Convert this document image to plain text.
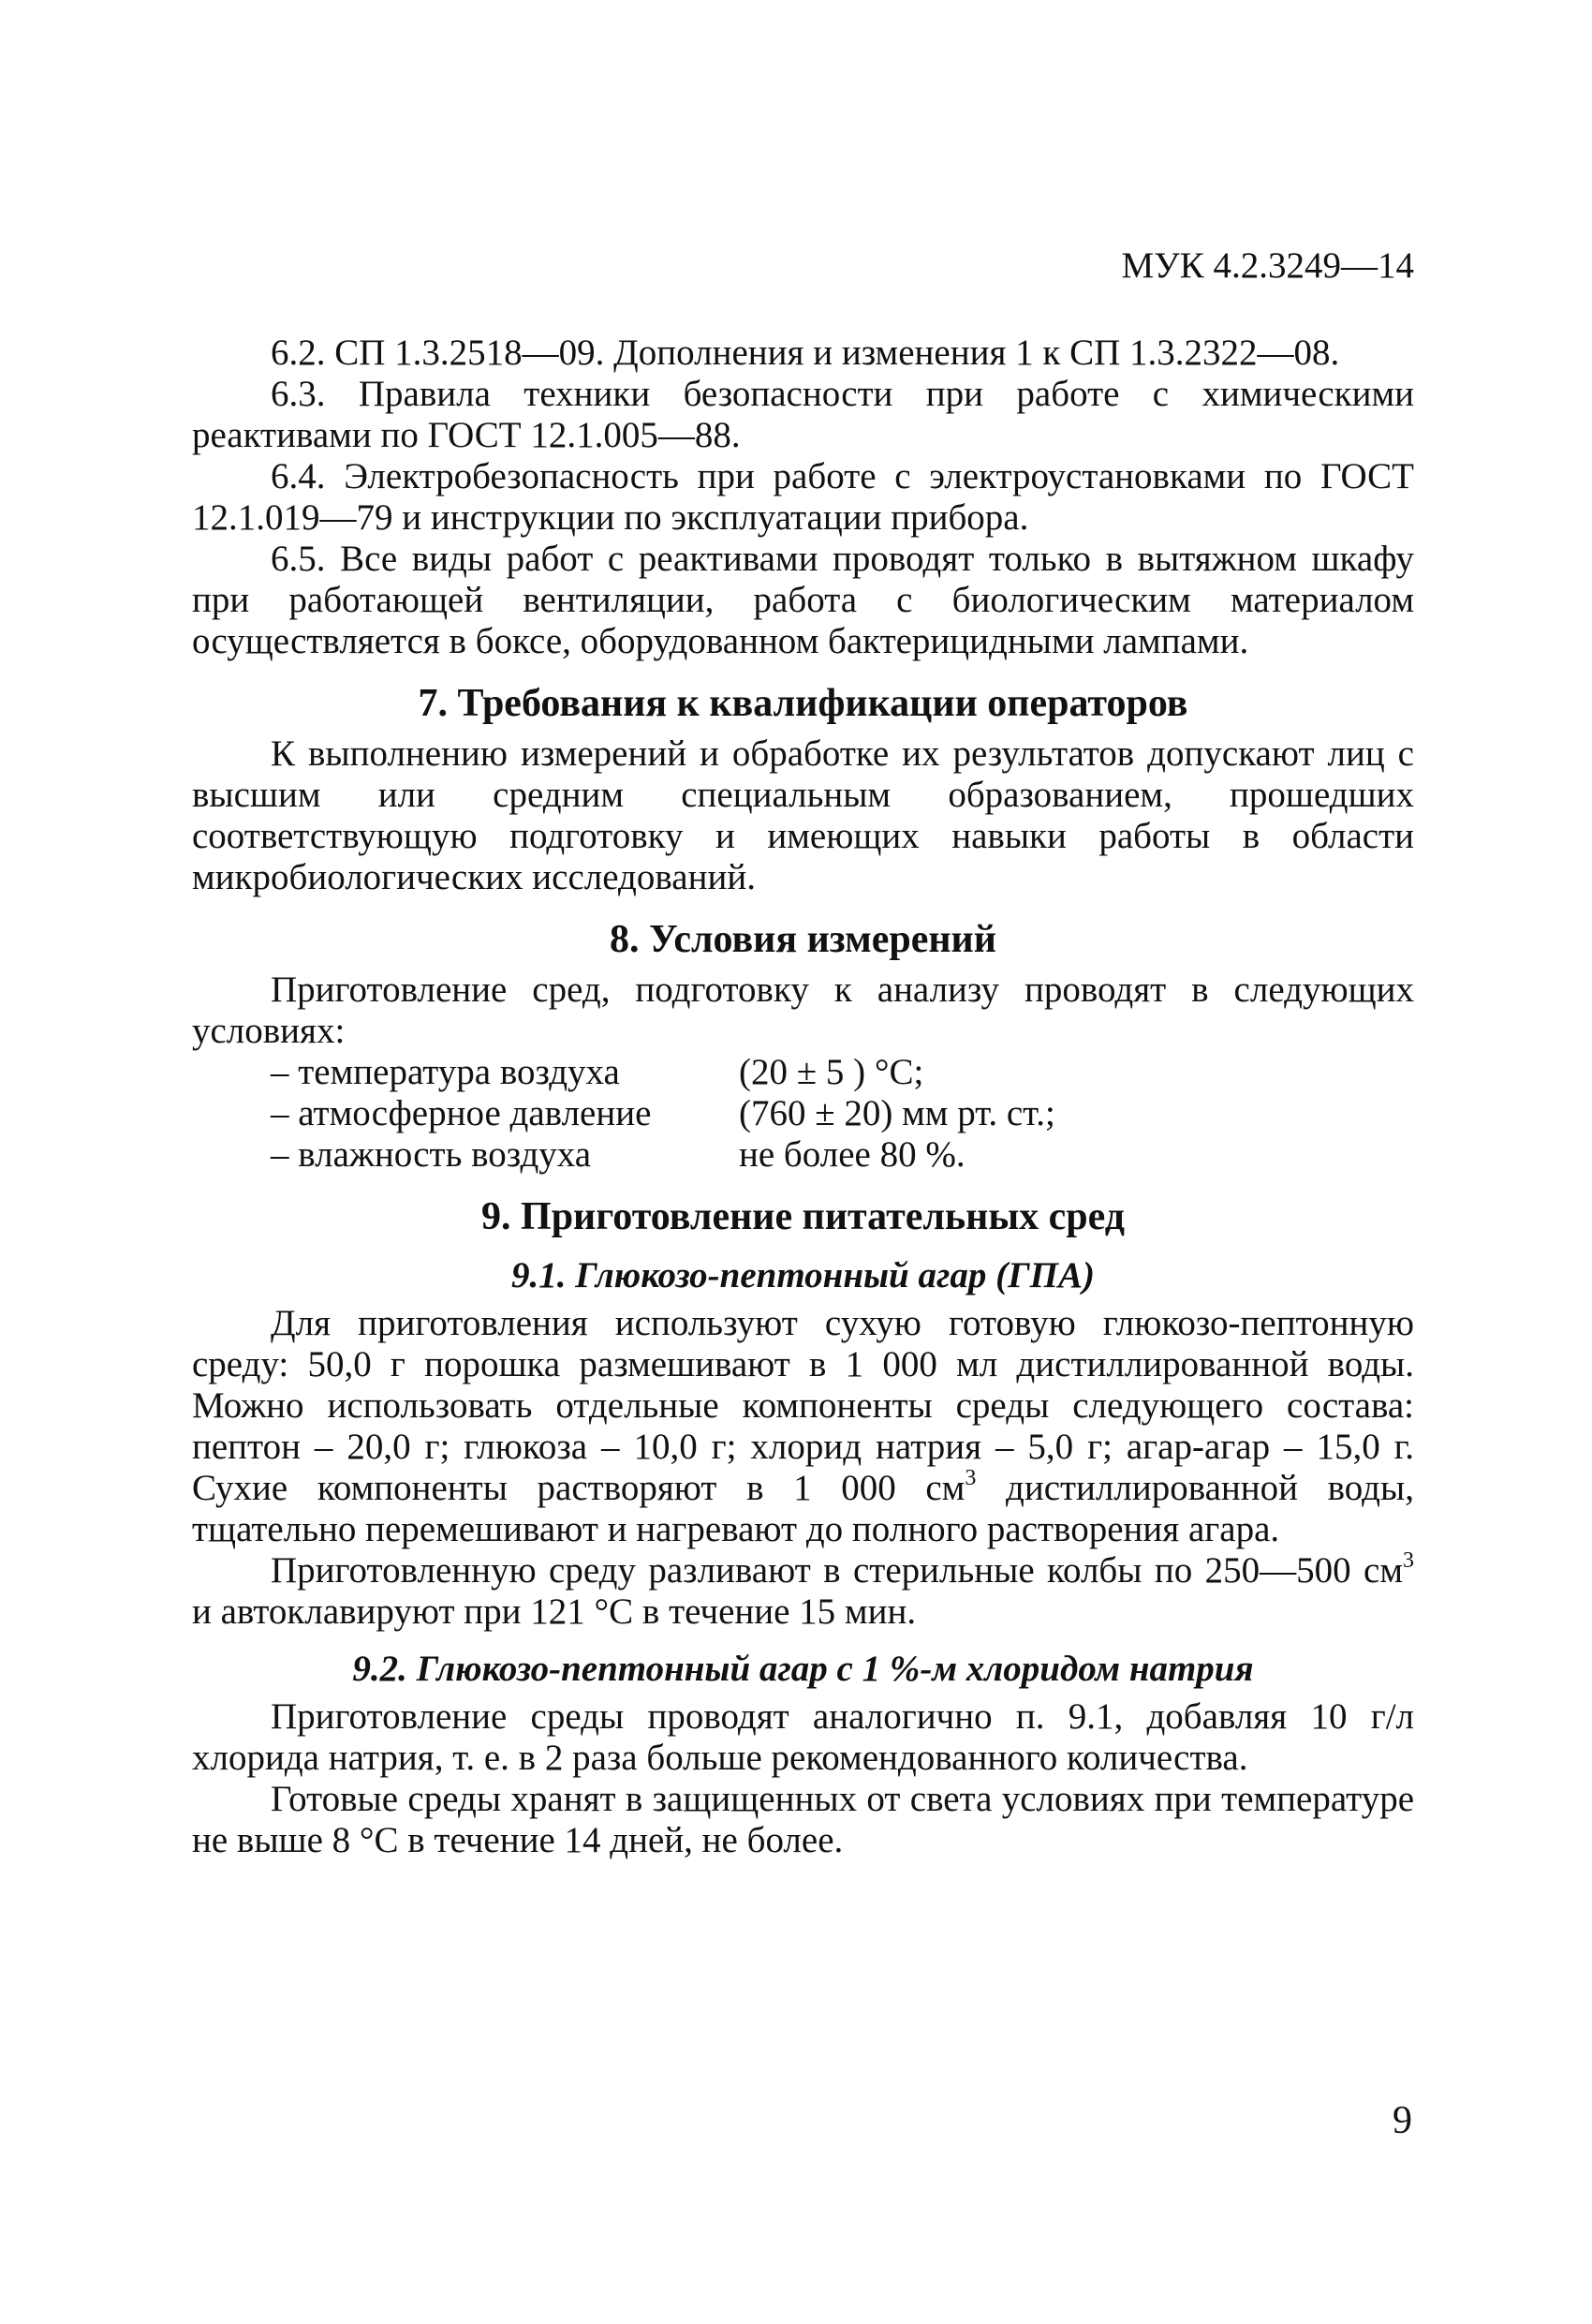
МУК 4.2.3249—14

6.2. СП 1.3.2518—09. Дополнения и изменения 1 к СП 1.3.2322—08.

6.3. Правила техники безопасности при работе с химическими реактивами по ГОСТ 12.1.005—88.

6.4. Электробезопасность при работе с электроустановками по ГОСТ 12.1.019—79 и инструкции по эксплуатации прибора.

6.5. Все виды работ с реактивами проводят только в вытяжном шкафу при работающей вентиляции, работа с биологическим материалом осуществляется в боксе, оборудованном бактерицидными лампами.

7. Требования к квалификации операторов

К выполнению измерений и обработке их результатов допускают лиц с высшим или средним специальным образованием, прошедших соответствующую подготовку и имеющих навыки работы в области микробиологических исследований.

8. Условия измерений

Приготовление сред, подготовку к анализу проводят в следующих условиях:

– температура воздуха	(20 ± 5 ) °С;
– атмосферное давление	(760 ± 20) мм рт. ст.;
– влажность воздуха	не более 80 %.
9. Приготовление питательных сред
9.1. Глюкозо-пептонный агар (ГПА)

Для приготовления используют сухую готовую глюкозо-пептонную среду: 50,0 г порошка размешивают в 1 000 мл дистиллированной воды. Можно использовать отдельные компоненты среды следующего состава: пептон – 20,0 г; глюкоза – 10,0 г; хлорид натрия – 5,0 г; агар-агар – 15,0 г. Сухие компоненты растворяют в 1 000 $см^3$ дистиллированной воды, тщательно перемешивают и нагревают до полного растворения агара.

Приготовленную среду разливают в стерильные колбы по 250—500 $см^3$ и автоклавируют при 121 °С в течение 15 мин.

9.2. Глюкозо-пептонный агар с 1 %-м хлоридом натрия

Приготовление среды проводят аналогично п. 9.1, добавляя 10 г/л хлорида натрия, т. е. в 2 раза больше рекомендованного количества.

Готовые среды хранят в защищенных от света условиях при температуре не выше 8 °С в течение 14 дней, не более.

9
